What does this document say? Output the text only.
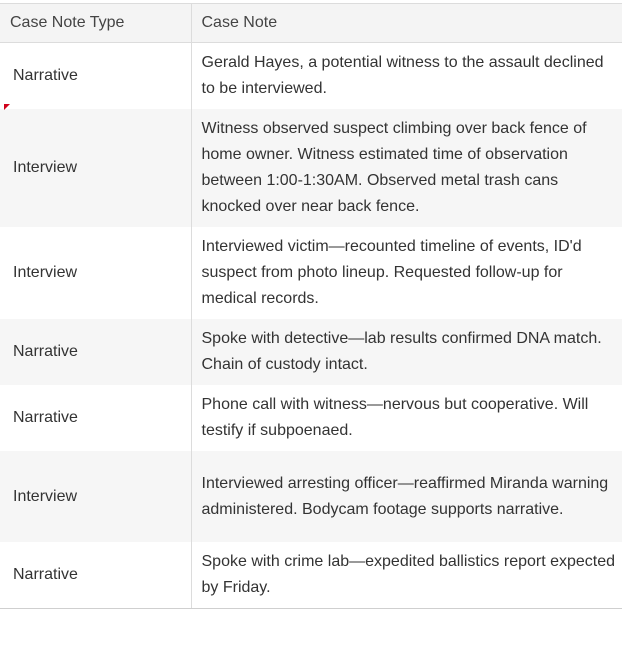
Case Note Type	Case Note
Narrative	Gerald Hayes, a potential witness to the assault declined to be interviewed.
Interview	Witness observed suspect climbing over back fence of home owner. Witness estimated time of observation between 1:00-1:30AM. Observed metal trash cans knocked over near back fence.
Interview	Interviewed victim—recounted timeline of events, ID'd suspect from photo lineup. Requested follow-up for medical records.
Narrative	Spoke with detective—lab results confirmed DNA match. Chain of custody intact.
Narrative	Phone call with witness—nervous but cooperative. Will testify if subpoenaed.
Interview	Interviewed arresting officer—reaffirmed Miranda warning administered. Bodycam footage supports narrative.
Narrative	Spoke with crime lab—expedited ballistics report expected by Friday.
